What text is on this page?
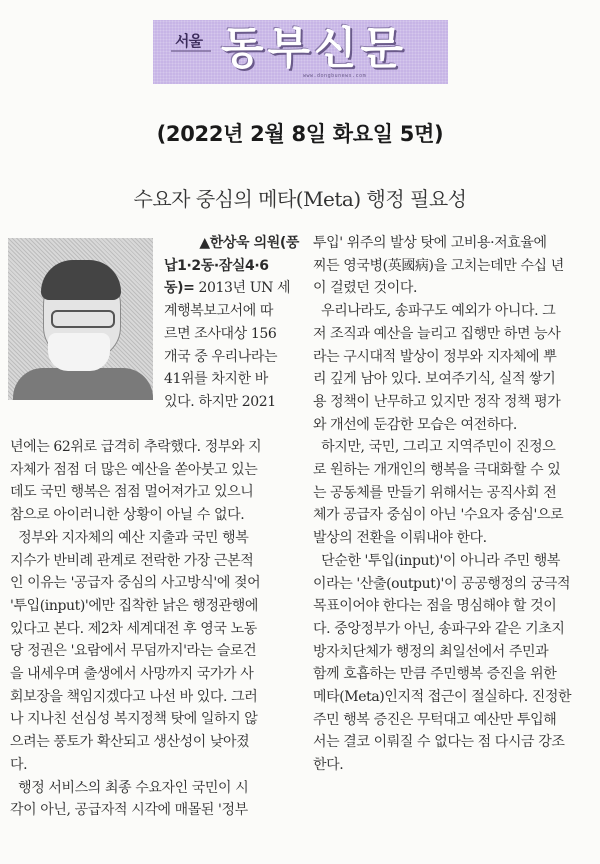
서울 동부신문
www.dongbunews.com
(2022년 2월 8일 화요일 5면)
수요자 중심의 메타(Meta) 행정 필요성

▲한상욱 의원(풍

납1·2동·잠실4·6

동)= 2013년 UN 세

계행복보고서에 따

르면 조사대상 156

개국 중 우리나라는

41위를 차지한 바

있다. 하지만 2021

년에는 62위로 급격히 추락했다. 정부와 지

자체가 점점 더 많은 예산을 쏟아붓고 있는

데도 국민 행복은 점점 멀어져가고 있으니

참으로 아이러니한 상황이 아닐 수 없다.

정부와 지자체의 예산 지출과 국민 행복

지수가 반비례 관계로 전락한 가장 근본적

인 이유는 '공급자 중심의 사고방식'에 젖어

'투입(input)'에만 집착한 낡은 행정관행에

있다고 본다. 제2차 세계대전 후 영국 노동

당 정권은 '요람에서 무덤까지'라는 슬로건

을 내세우며 출생에서 사망까지 국가가 사

회보장을 책임지겠다고 나선 바 있다. 그러

나 지나친 선심성 복지정책 탓에 일하지 않

으려는 풍토가 확산되고 생산성이 낮아졌

다.

행정 서비스의 최종 수요자인 국민이 시

각이 아닌, 공급자적 시각에 매몰된 '정부

투입' 위주의 발상 탓에 고비용·저효율에

찌든 영국병(英國病)을 고치는데만 수십 년

이 걸렸던 것이다.

우리나라도, 송파구도 예외가 아니다. 그

저 조직과 예산을 늘리고 집행만 하면 능사

라는 구시대적 발상이 정부와 지자체에 뿌

리 깊게 남아 있다. 보여주기식, 실적 쌓기

용 정책이 난무하고 있지만 정작 정책 평가

와 개선에 둔감한 모습은 여전하다.

하지만, 국민, 그리고 지역주민이 진정으

로 원하는 개개인의 행복을 극대화할 수 있

는 공동체를 만들기 위해서는 공직사회 전

체가 공급자 중심이 아닌 '수요자 중심'으로

발상의 전환을 이뤄내야 한다.

단순한 '투입(input)'이 아니라 주민 행복

이라는 '산출(output)'이 공공행정의 궁극적

목표이어야 한다는 점을 명심해야 할 것이

다. 중앙정부가 아닌, 송파구와 같은 기초지

방자치단체가 행정의 최일선에서 주민과

함께 호흡하는 만큼 주민행복 증진을 위한

메타(Meta)인지적 접근이 절실하다. 진정한

주민 행복 증진은 무턱대고 예산만 투입해

서는 결코 이뤄질 수 없다는 점 다시금 강조

한다.
